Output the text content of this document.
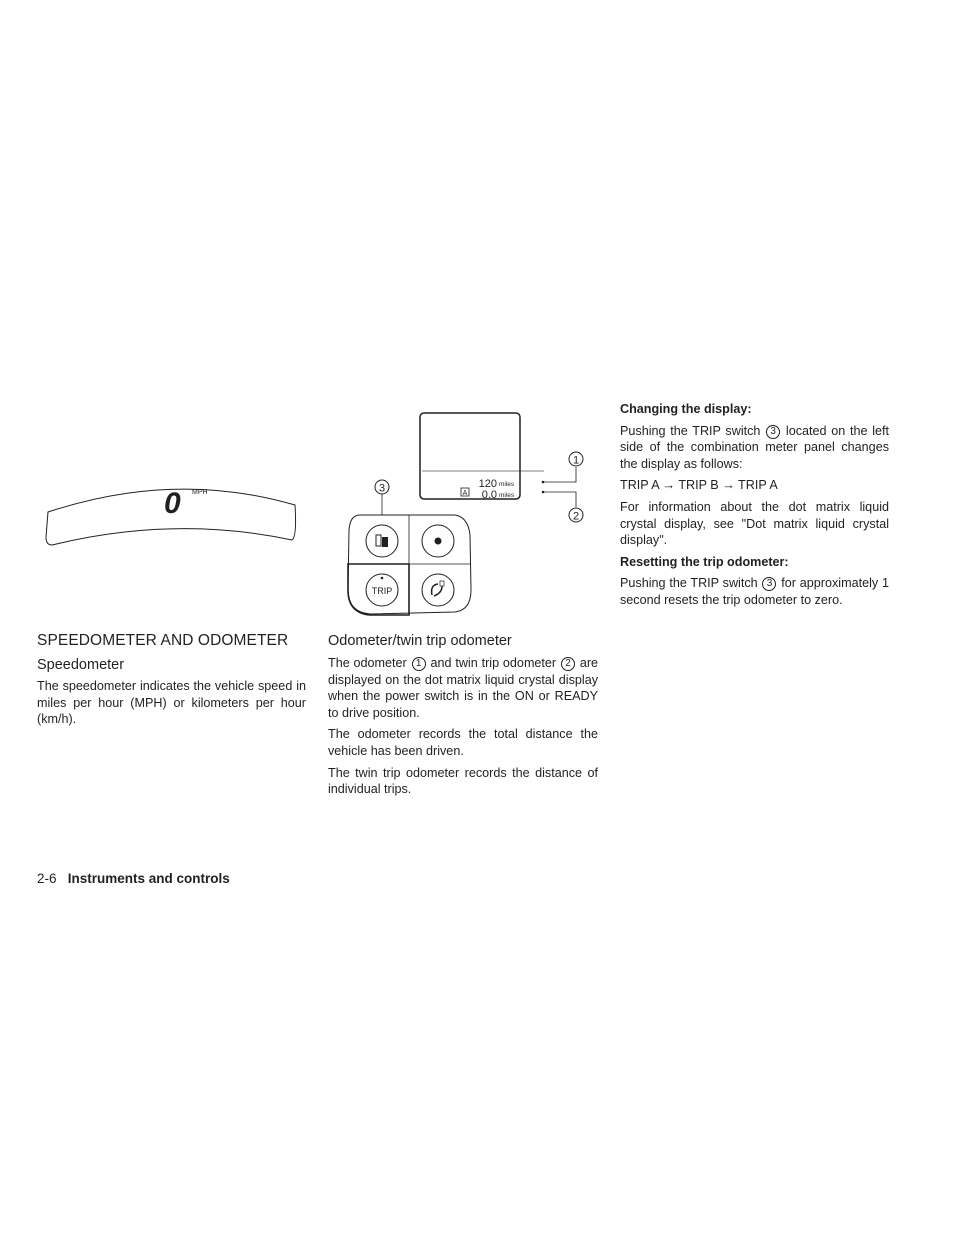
0 MPH
120 miles
0.0 miles
A
1
2
3
TRIP
SPEEDOMETER AND ODOMETER
Speedometer

The speedometer indicates the vehicle speed in miles per hour (MPH) or kilometers per hour (km/h).

Odometer/twin trip odometer

The odometer 1 and twin trip odometer 2 are displayed on the dot matrix liquid crystal display when the power switch is in the ON or READY to drive position.

The odometer records the total distance the vehicle has been driven.

The twin trip odometer records the distance of individual trips.

Changing the display:

Pushing the TRIP switch 3 located on the left side of the combination meter panel changes the display as follows:

TRIP A → TRIP B → TRIP A

For information about the dot matrix liquid crystal display, see "Dot matrix liquid crystal display".

Resetting the trip odometer:

Pushing the TRIP switch 3 for approximately 1 second resets the trip odometer to zero.

2-6 Instruments and controls
